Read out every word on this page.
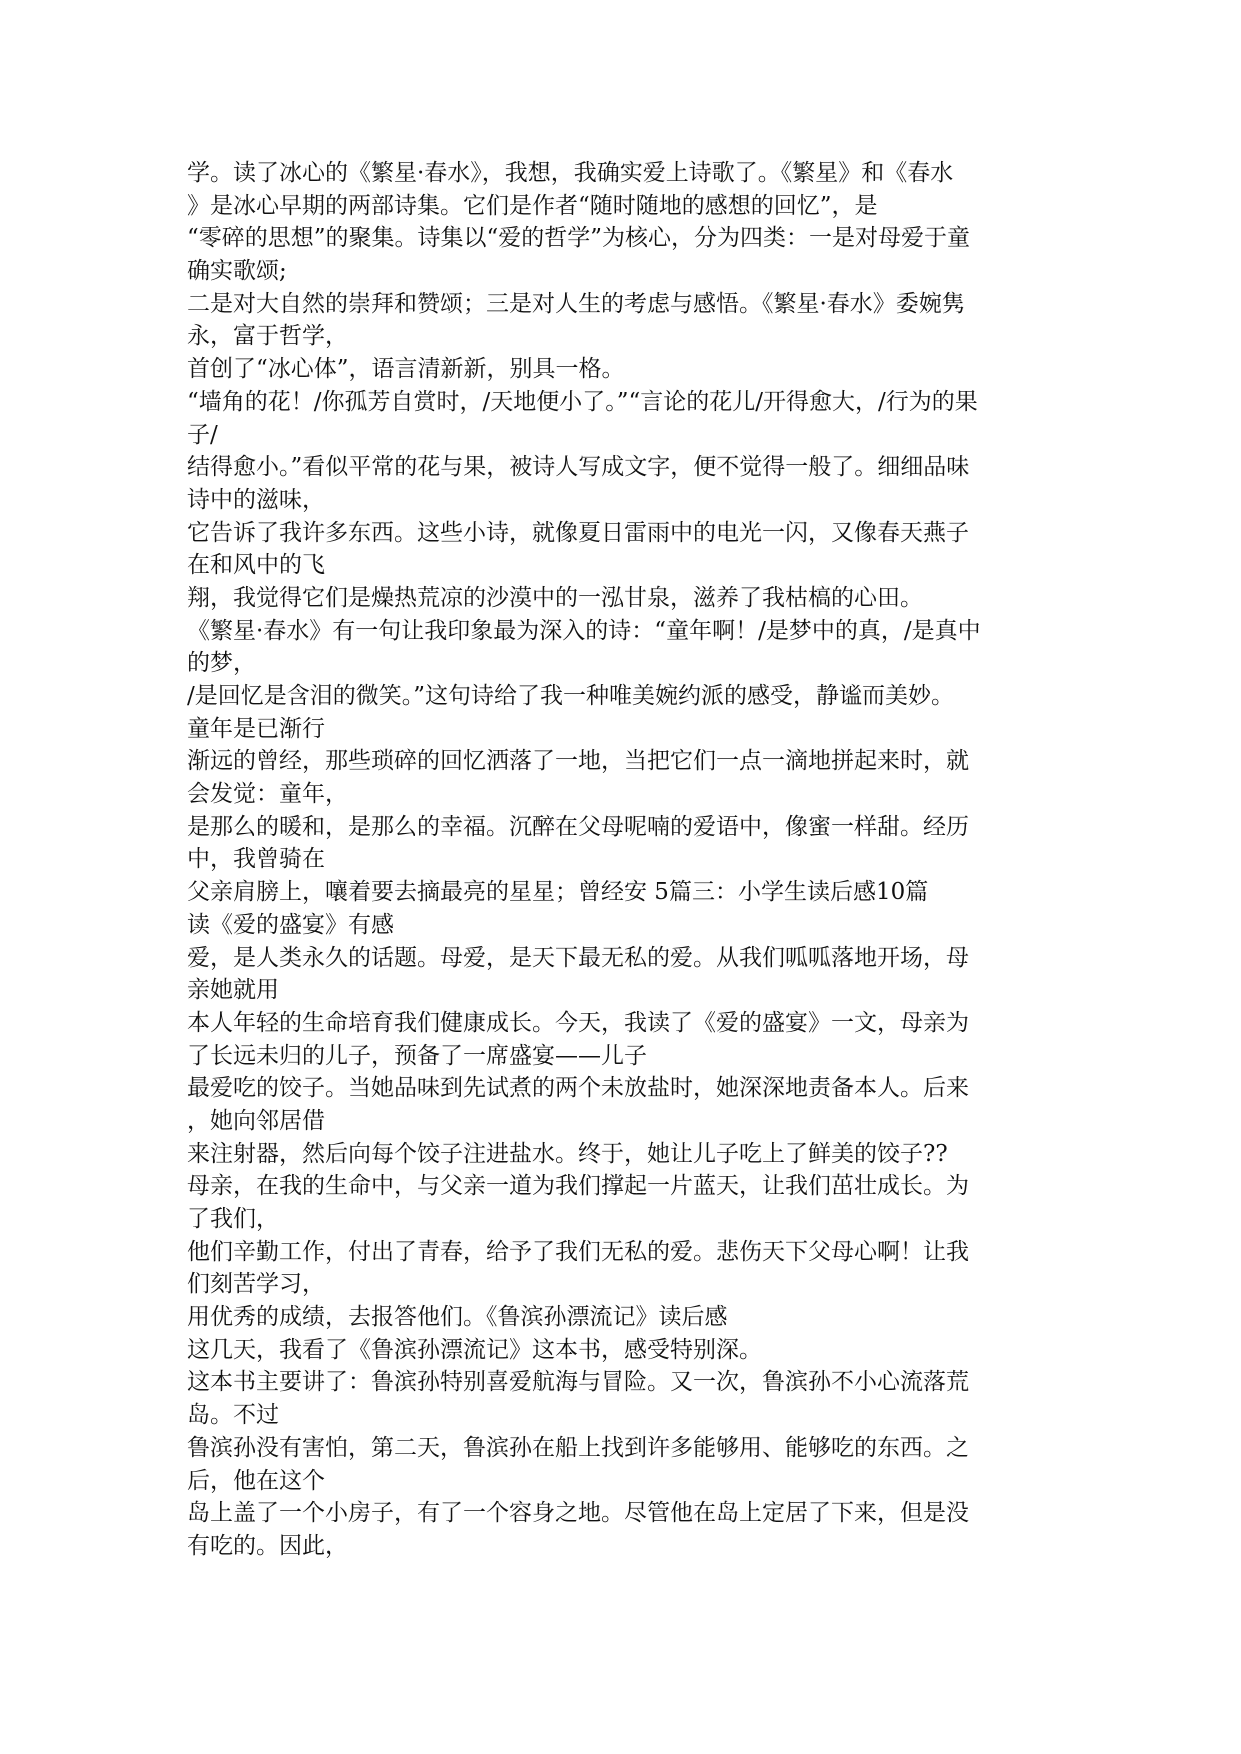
学。读了冰心的《繁星·春水》，我想，我确实爱上诗歌了。《繁星》和《春水
》是冰心早期的两部诗集。它们是作者“随时随地的感想的回忆”，是
“零碎的思想”的聚集。诗集以“爱的哲学”为核心，分为四类：一是对母爱于童
确实歌颂;
二是对大自然的崇拜和赞颂；三是对人生的考虑与感悟。《繁星·春水》委婉隽
永，富于哲学，
首创了“冰心体”，语言清新新，别具一格。
“墙角的花！/你孤芳自赏时，/天地便小了。”“言论的花儿/开得愈大，/行为的果
子/
结得愈小。”看似平常的花与果，被诗人写成文字，便不觉得一般了。细细品味
诗中的滋味，
它告诉了我许多东西。这些小诗，就像夏日雷雨中的电光一闪，又像春天燕子
在和风中的飞
翔，我觉得它们是燥热荒凉的沙漠中的一泓甘泉，滋养了我枯槁的心田。
《繁星·春水》有一句让我印象最为深入的诗：“童年啊！/是梦中的真，/是真中
的梦，
/是回忆是含泪的微笑。”这句诗给了我一种唯美婉约派的感受，静谧而美妙。
童年是已渐行
渐远的曾经，那些琐碎的回忆洒落了一地，当把它们一点一滴地拼起来时，就
会发觉：童年，
是那么的暖和，是那么的幸福。沉醉在父母呢喃的爱语中，像蜜一样甜。经历
中，我曾骑在
父亲肩膀上，嚷着要去摘最亮的星星；曾经安 5篇三：小学生读后感10篇
读《爱的盛宴》有感
爱，是人类永久的话题。母爱，是天下最无私的爱。从我们呱呱落地开场，母
亲她就用
本人年轻的生命培育我们健康成长。今天，我读了《爱的盛宴》一文，母亲为
了长远未归的儿子，预备了一席盛宴——儿子
最爱吃的饺子。当她品味到先试煮的两个未放盐时，她深深地责备本人。后来
，她向邻居借
来注射器，然后向每个饺子注进盐水。终于，她让儿子吃上了鲜美的饺子??
母亲，在我的生命中，与父亲一道为我们撑起一片蓝天，让我们茁壮成长。为
了我们，
他们辛勤工作，付出了青春，给予了我们无私的爱。悲伤天下父母心啊！让我
们刻苦学习，
用优秀的成绩，去报答他们。《鲁滨孙漂流记》读后感
这几天，我看了《鲁滨孙漂流记》这本书，感受特别深。
这本书主要讲了：鲁滨孙特别喜爱航海与冒险。又一次，鲁滨孙不小心流落荒
岛。不过
鲁滨孙没有害怕，第二天，鲁滨孙在船上找到许多能够用、能够吃的东西。之
后，他在这个
岛上盖了一个小房子，有了一个容身之地。尽管他在岛上定居了下来，但是没
有吃的。因此，
